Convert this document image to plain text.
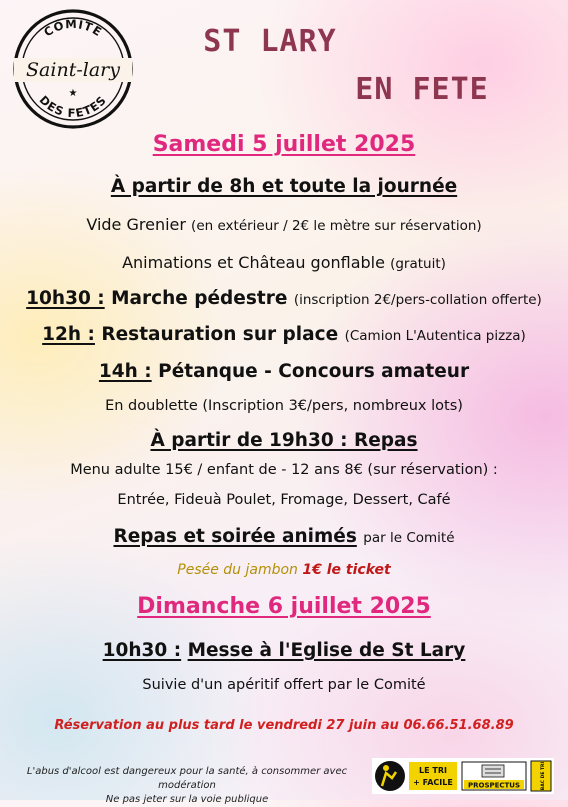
COMITE
Saint-lary
★
DES FETES
ST LARY
EN FETE
Samedi 5 juillet 2025
À partir de 8h et toute la journée
Vide Grenier (en extérieur / 2€ le mètre sur réservation)
Animations et Château gonflable (gratuit)
10h30 : Marche pédestre (inscription 2€/pers-collation offerte)
12h : Restauration sur place (Camion L'Autentica pizza)
14h : Pétanque - Concours amateur
En doublette (Inscription 3€/pers, nombreux lots)
À partir de 19h30 : Repas
Menu adulte 15€ / enfant de - 12 ans 8€ (sur réservation) :
Entrée, Fideuà Poulet, Fromage, Dessert, Café
Repas et soirée animés par le Comité
Pesée du jambon 1€ le ticket
Dimanche 6 juillet 2025
10h30 : Messe à l'Eglise de St Lary
Suivie d'un apéritif offert par le Comité
Réservation au plus tard le vendredi 27 juin au 06.66.51.68.89
L'abus d'alcool est dangereux pour la santé, à consommer avec modération
Ne pas jeter sur la voie publique
LE TRI
+ FACILE PROSPECTUS	BAC DE TRI
